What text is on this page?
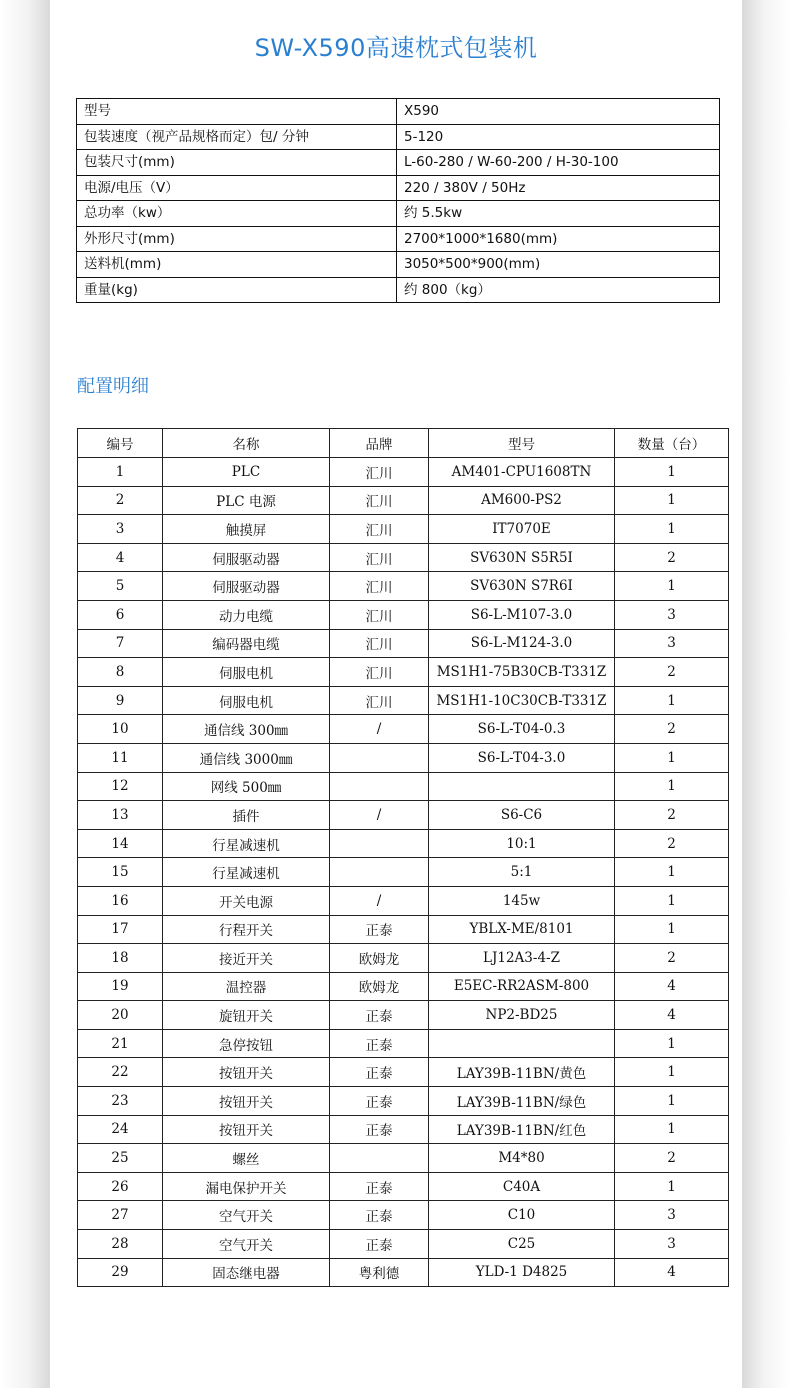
SW-X590高速枕式包装机
型号	X590
包装速度（视产品规格而定）包/ 分钟	5-120
包装尺寸(mm)	L-60-280 / W-60-200 / H-30-100
电源/电压（V）	220 / 380V / 50Hz
总功率（kw）	约 5.5kw
外形尺寸(mm)	2700*1000*1680(mm)
送料机(mm)	3050*500*900(mm)
重量(kg)	约 800（kg）
配置明细
编号	名称	品牌	型号	数量（台）
1	PLC	汇川	AM401-CPU1608TN	1
2	PLC 电源	汇川	AM600-PS2	1
3	触摸屏	汇川	IT7070E	1
4	伺服驱动器	汇川	SV630N S5R5I	2
5	伺服驱动器	汇川	SV630N S7R6I	1
6	动力电缆	汇川	S6-L-M107-3.0	3
7	编码器电缆	汇川	S6-L-M124-3.0	3
8	伺服电机	汇川	MS1H1-75B30CB-T331Z	2
9	伺服电机	汇川	MS1H1-10C30CB-T331Z	1
10	通信线 300㎜	/	S6-L-T04-0.3	2
11	通信线 3000㎜		S6-L-T04-3.0	1
12	网线 500㎜			1
13	插件	/	S6-C6	2
14	行星减速机		10:1	2
15	行星减速机		5:1	1
16	开关电源	/	145w	1
17	行程开关	正泰	YBLX-ME/8101	1
18	接近开关	欧姆龙	LJ12A3-4-Z	2
19	温控器	欧姆龙	E5EC-RR2ASM-800	4
20	旋钮开关	正泰	NP2-BD25	4
21	急停按钮	正泰		1
22	按钮开关	正泰	LAY39B-11BN/黄色	1
23	按钮开关	正泰	LAY39B-11BN/绿色	1
24	按钮开关	正泰	LAY39B-11BN/红色	1
25	螺丝		M4*80	2
26	漏电保护开关	正泰	C40A	1
27	空气开关	正泰	C10	3
28	空气开关	正泰	C25	3
29	固态继电器	粤利德	YLD-1 D4825	4
